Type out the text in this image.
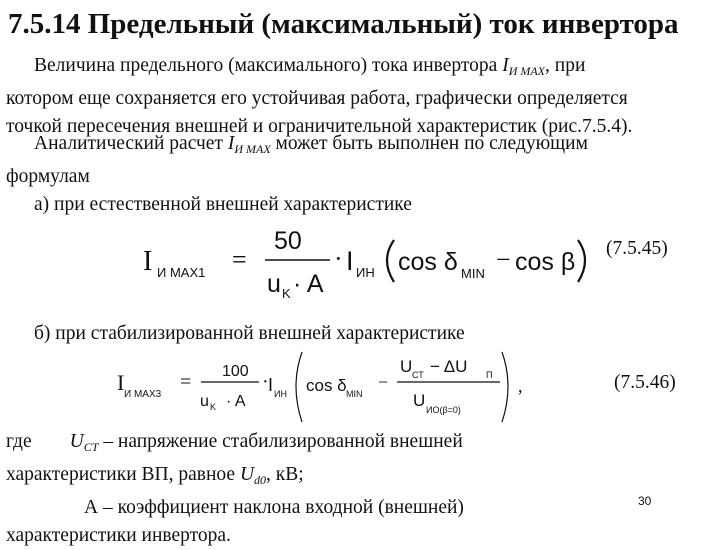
7.5.14 Предельный (максимальный) ток инвертора
Величина предельного (максимального) тока инвертора $I_{И MAX}$, при
котором еще сохраняется его устойчивая работа, графически определяется
точкой пересечения внешней и ограничительной характеристик (рис.7.5.4).
Аналитический расчет $I_{И MAX}$ может быть выполнен по следующим
формулам
а) при естественной внешней характеристике
I И MAX1 =
50
u K · A
· I ИН cos δ MIN − cos β (7.5.45)
б) при стабилизированной внешней характеристике
I И MAX3
= 100
u K · A
· I ИН cos δ MIN
−
U СТ − ΔU П
U ИО(β=0)
,	(7.5.46)
где $U_{СТ}$ – напряжение стабилизированной внешней
характеристики ВП, равное $U_{d0}$, кВ;
А – коэффициент наклона входной (внешней)
характеристики инвертора.
30
